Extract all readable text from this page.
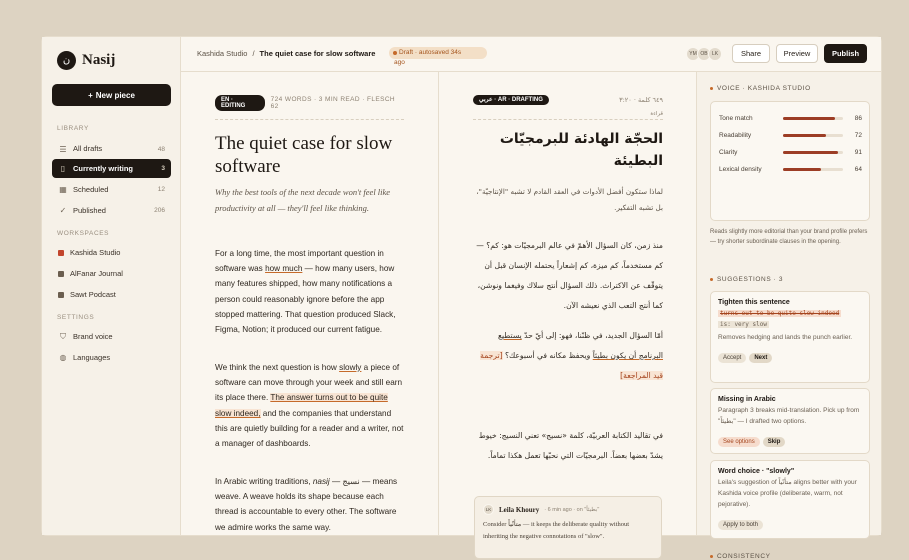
ن Nasij
+ New piece
LIBRARY
☰ All drafts	48
▯	Currently writing	3
▦ Scheduled	12
✓ Published	206
WORKSPACES
Kashida Studio
AlFanar Journal
Sawt Podcast
SETTINGS
⛉ Brand voice
◍ Languages
Kashida Studio / The quiet case for slow software	Draft · autosaved 34s
ago
YM OB LK	Share	Preview	Publish
EN · EDITING
724 WORDS · 3 MIN READ · FLESCH 62
The quiet case for slow software
Why the best tools of the next decade won't feel like productivity at all — they'll feel like thinking.
For a long time, the most important question in software was how much — how many users, how many features shipped, how many notifications a person could reasonably ignore before the app stopped mattering. That question produced Slack, Figma, Notion; it produced our current fatigue.
We think the next question is how slowly a piece of software can move through your week and still earn its place there. The answer turns out to be quite slow indeed, and the companies that understand this are quietly building for a reader and a writer, not a manager of dashboards.
In Arabic writing traditions, nasij — نسيج — means weave. A weave holds its shape because each thread is accountable to every other. The software we admire works the same way.
عربي · AR · DRAFTING	٦٤٩ كلمة · ٣:٢٠
قراءة
الحجّة الهادئة للبرمجيّات البطيئة
لماذا ستكون أفضل الأدوات في العقد القادم لا تشبه "الإنتاجيّة"، بل تشبه التفكير.
منذ زمن، كان السؤال الأهمّ في عالم البرمجيّات هو: كم؟ — كم مستخدماً، كم ميزة، كم إشعاراً يحتمله الإنسان قبل أن يتوقّف عن الاكتراث. ذلك السؤال أنتج سلاك وفيغما ونوشن، كما أنتج التعب الذي نعيشه الآن.
أمّا السؤال الجديد، في ظنّنا، فهو: إلى أيّ حدّ يستطيع البرنامج أن يكون بطيئاً ويحفظ مكانه في أسبوعك؟ [ترجمة قيد المراجعة]
في تقاليد الكتابة العربيّة، كلمة «نسيج» تعني النسيج: خيوط يشدّ بعضها بعضاً. البرمجيّات التي نحبّها تعمل هكذا تماماً.
LK	Leila Khoury · 6 min ago · on "بطيئاً"
Consider متأنّياً — it keeps the deliberate quality without inheriting the negative connotations of "slow".
VOICE · KASHIDA STUDIO
Tone match	86
Readability	72
Clarity	91
Lexical density	64
Reads slightly more editorial than your brand profile prefers — try shorter subordinate clauses in the opening.
SUGGESTIONS · 3
Tighten this sentence
turns out to be quite slow indeed
is: very slow
Removes hedging and lands the punch earlier.
Accept Next
Missing in Arabic
Paragraph 3 breaks mid-translation. Pick up from "بطيئاً" — I drafted two options.
See options Skip
Word choice · "slowly"
Leila's suggestion of متأنّياً aligns better with your Kashida voice profile (deliberate, warm, not pejorative).
Apply to both
CONSISTENCY
